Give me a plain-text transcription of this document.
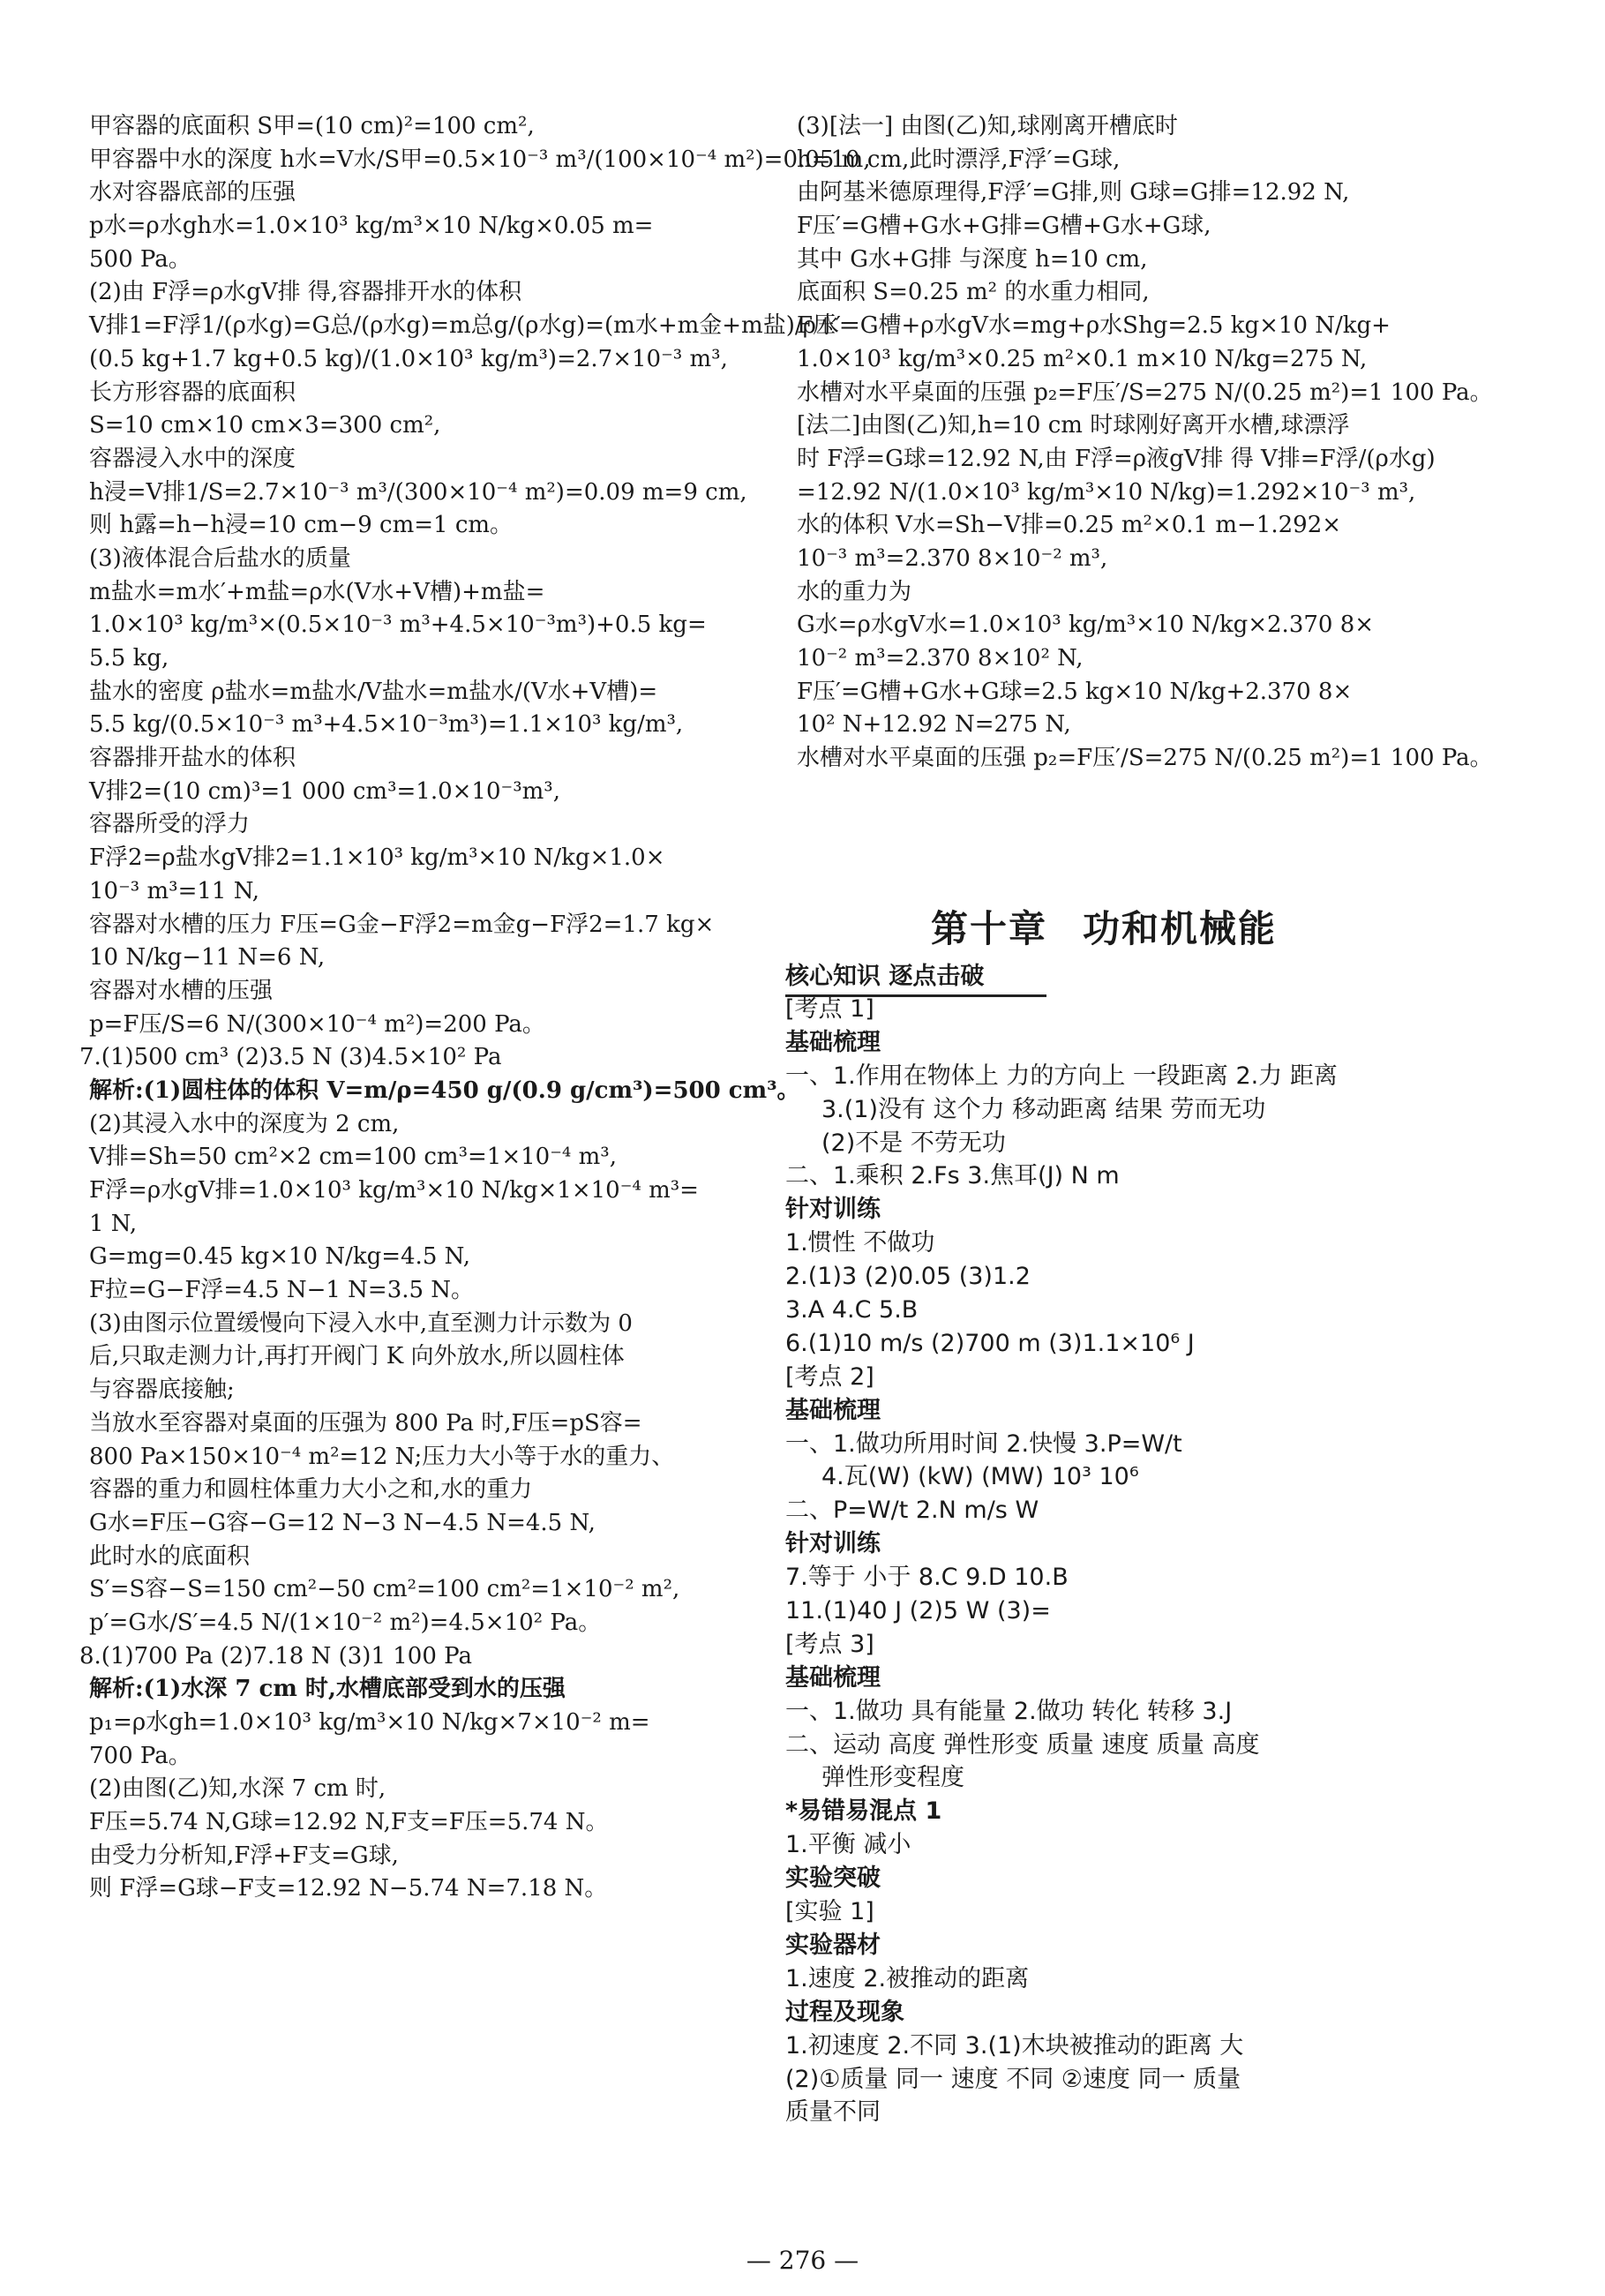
甲容器的底面积 S甲=(10 cm)²=100 cm²,
甲容器中水的深度 h水=V水/S甲=0.5×10⁻³ m³/(100×10⁻⁴ m²)=0.05 m,
水对容器底部的压强
p水=ρ水gh水=1.0×10³ kg/m³×10 N/kg×0.05 m=
500 Pa。
(2)由 F浮=ρ水gV排 得,容器排开水的体积
V排1=F浮1/(ρ水g)=G总/(ρ水g)=m总g/(ρ水g)=(m水+m金+m盐)/ρ水=
(0.5 kg+1.7 kg+0.5 kg)/(1.0×10³ kg/m³)=2.7×10⁻³ m³,
长方形容器的底面积
S=10 cm×10 cm×3=300 cm²,
容器浸入水中的深度
h浸=V排1/S=2.7×10⁻³ m³/(300×10⁻⁴ m²)=0.09 m=9 cm,
则 h露=h−h浸=10 cm−9 cm=1 cm。
(3)液体混合后盐水的质量
m盐水=m水′+m盐=ρ水(V水+V槽)+m盐=
1.0×10³ kg/m³×(0.5×10⁻³ m³+4.5×10⁻³m³)+0.5 kg=
5.5 kg,
盐水的密度 ρ盐水=m盐水/V盐水=m盐水/(V水+V槽)=
5.5 kg/(0.5×10⁻³ m³+4.5×10⁻³m³)=1.1×10³ kg/m³,
容器排开盐水的体积
V排2=(10 cm)³=1 000 cm³=1.0×10⁻³m³,
容器所受的浮力
F浮2=ρ盐水gV排2=1.1×10³ kg/m³×10 N/kg×1.0×
10⁻³ m³=11 N,
容器对水槽的压力 F压=G金−F浮2=m金g−F浮2=1.7 kg×
10 N/kg−11 N=6 N,
容器对水槽的压强
p=F压/S=6 N/(300×10⁻⁴ m²)=200 Pa。
7.(1)500 cm³ (2)3.5 N (3)4.5×10² Pa
解析:(1)圆柱体的体积 V=m/ρ=450 g/(0.9 g/cm³)=500 cm³。
(2)其浸入水中的深度为 2 cm,
V排=Sh=50 cm²×2 cm=100 cm³=1×10⁻⁴ m³,
F浮=ρ水gV排=1.0×10³ kg/m³×10 N/kg×1×10⁻⁴ m³=
1 N,
G=mg=0.45 kg×10 N/kg=4.5 N,
F拉=G−F浮=4.5 N−1 N=3.5 N。
(3)由图示位置缓慢向下浸入水中,直至测力计示数为 0
后,只取走测力计,再打开阀门 K 向外放水,所以圆柱体
与容器底接触;
当放水至容器对桌面的压强为 800 Pa 时,F压=pS容=
800 Pa×150×10⁻⁴ m²=12 N;压力大小等于水的重力、
容器的重力和圆柱体重力大小之和,水的重力
G水=F压−G容−G=12 N−3 N−4.5 N=4.5 N,
此时水的底面积
S′=S容−S=150 cm²−50 cm²=100 cm²=1×10⁻² m²,
p′=G水/S′=4.5 N/(1×10⁻² m²)=4.5×10² Pa。
8.(1)700 Pa (2)7.18 N (3)1 100 Pa
解析:(1)水深 7 cm 时,水槽底部受到水的压强
p₁=ρ水gh=1.0×10³ kg/m³×10 N/kg×7×10⁻² m=
700 Pa。
(2)由图(乙)知,水深 7 cm 时,
F压=5.74 N,G球=12.92 N,F支=F压=5.74 N。
由受力分析知,F浮+F支=G球,
则 F浮=G球−F支=12.92 N−5.74 N=7.18 N。
(3)[法一] 由图(乙)知,球刚离开槽底时
h=10 cm,此时漂浮,F浮′=G球,
由阿基米德原理得,F浮′=G排,则 G球=G排=12.92 N,
F压′=G槽+G水+G排=G槽+G水+G球,
其中 G水+G排 与深度 h=10 cm,
底面积 S=0.25 m² 的水重力相同,
F压′=G槽+ρ水gV水=mg+ρ水Shg=2.5 kg×10 N/kg+
1.0×10³ kg/m³×0.25 m²×0.1 m×10 N/kg=275 N,
水槽对水平桌面的压强 p₂=F压′/S=275 N/(0.25 m²)=1 100 Pa。
[法二]由图(乙)知,h=10 cm 时球刚好离开水槽,球漂浮
时 F浮=G球=12.92 N,由 F浮=ρ液gV排 得 V排=F浮/(ρ水g)
=12.92 N/(1.0×10³ kg/m³×10 N/kg)=1.292×10⁻³ m³,
水的体积 V水=Sh−V排=0.25 m²×0.1 m−1.292×
10⁻³ m³=2.370 8×10⁻² m³,
水的重力为
G水=ρ水gV水=1.0×10³ kg/m³×10 N/kg×2.370 8×
10⁻² m³=2.370 8×10² N,
F压′=G槽+G水+G球=2.5 kg×10 N/kg+2.370 8×
10² N+12.92 N=275 N,
水槽对水平桌面的压强 p₂=F压′/S=275 N/(0.25 m²)=1 100 Pa。
第十章 功和机械能
核心知识 逐点击破
[考点 1]
基础梳理
一、1.作用在物体上 力的方向上 一段距离 2.力 距离
3.(1)没有 这个力 移动距离 结果 劳而无功
(2)不是 不劳无功
二、1.乘积 2.Fs 3.焦耳(J) N m
针对训练
1.惯性 不做功
2.(1)3 (2)0.05 (3)1.2
3.A 4.C 5.B
6.(1)10 m/s (2)700 m (3)1.1×10⁶ J
[考点 2]
基础梳理
一、1.做功所用时间 2.快慢 3.P=W/t
4.瓦(W) (kW) (MW) 10³ 10⁶
二、P=W/t 2.N m/s W
针对训练
7.等于 小于 8.C 9.D 10.B
11.(1)40 J (2)5 W (3)=
[考点 3]
基础梳理
一、1.做功 具有能量 2.做功 转化 转移 3.J
二、运动 高度 弹性形变 质量 速度 质量 高度
弹性形变程度
*易错易混点 1
1.平衡 减小
实验突破
[实验 1]
实验器材
1.速度 2.被推动的距离
过程及现象
1.初速度 2.不同 3.(1)木块被推动的距离 大
(2)①质量 同一 速度 不同 ②速度 同一 质量
质量不同
— 276 —
